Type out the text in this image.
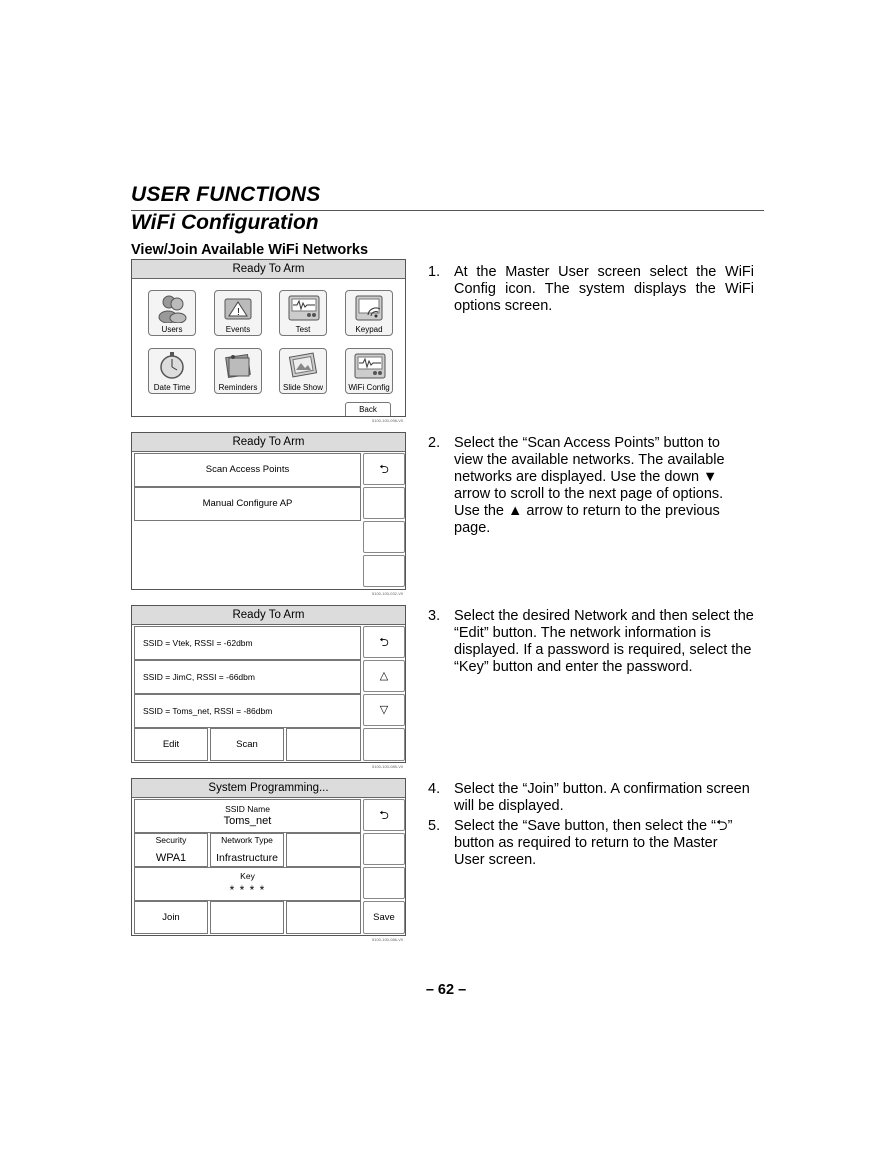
USER FUNCTIONS
WiFi Configuration
View/Join Available WiFi Networks
Ready To Arm
Users
!
Events	Test	Keypad
Date Time	Reminders	Slide Show	WiFi Config
Back
5100-100-098-V0
Ready To Arm
Scan Access Points
Manual Configure AP
⮌
5100-100-032-V0
Ready To Arm
SSID = Vtek, RSSI = -62dbm
SSID = JimC, RSSI = -66dbm
SSID = Toms_net, RSSI = -86dbm
⮌
△
▽
Edit	Scan
5100-100-085-V0
System Programming...
SSID Name
Toms_net
Security
WPA1
Network Type
Infrastructure
Key
* * * *
⮌
Join	Save
5100-100-086-V0
1. At the Master User screen select the WiFi Config icon. The system displays the WiFi options screen.
2. Select the “Scan Access Points” button to view the available networks. The available networks are displayed. Use the down ▼ arrow to scroll to the next page of options. Use the ▲ arrow to return to the previous page.
3. Select the desired Network and then select the “Edit” button. The network information is displayed. If a password is required, select the “Key” button and enter the password.
4. Select the “Join” button. A confirmation screen will be displayed.
5. Select the “Save button, then select the “⮌” button as required to return to the Master User screen.
– 62 –
